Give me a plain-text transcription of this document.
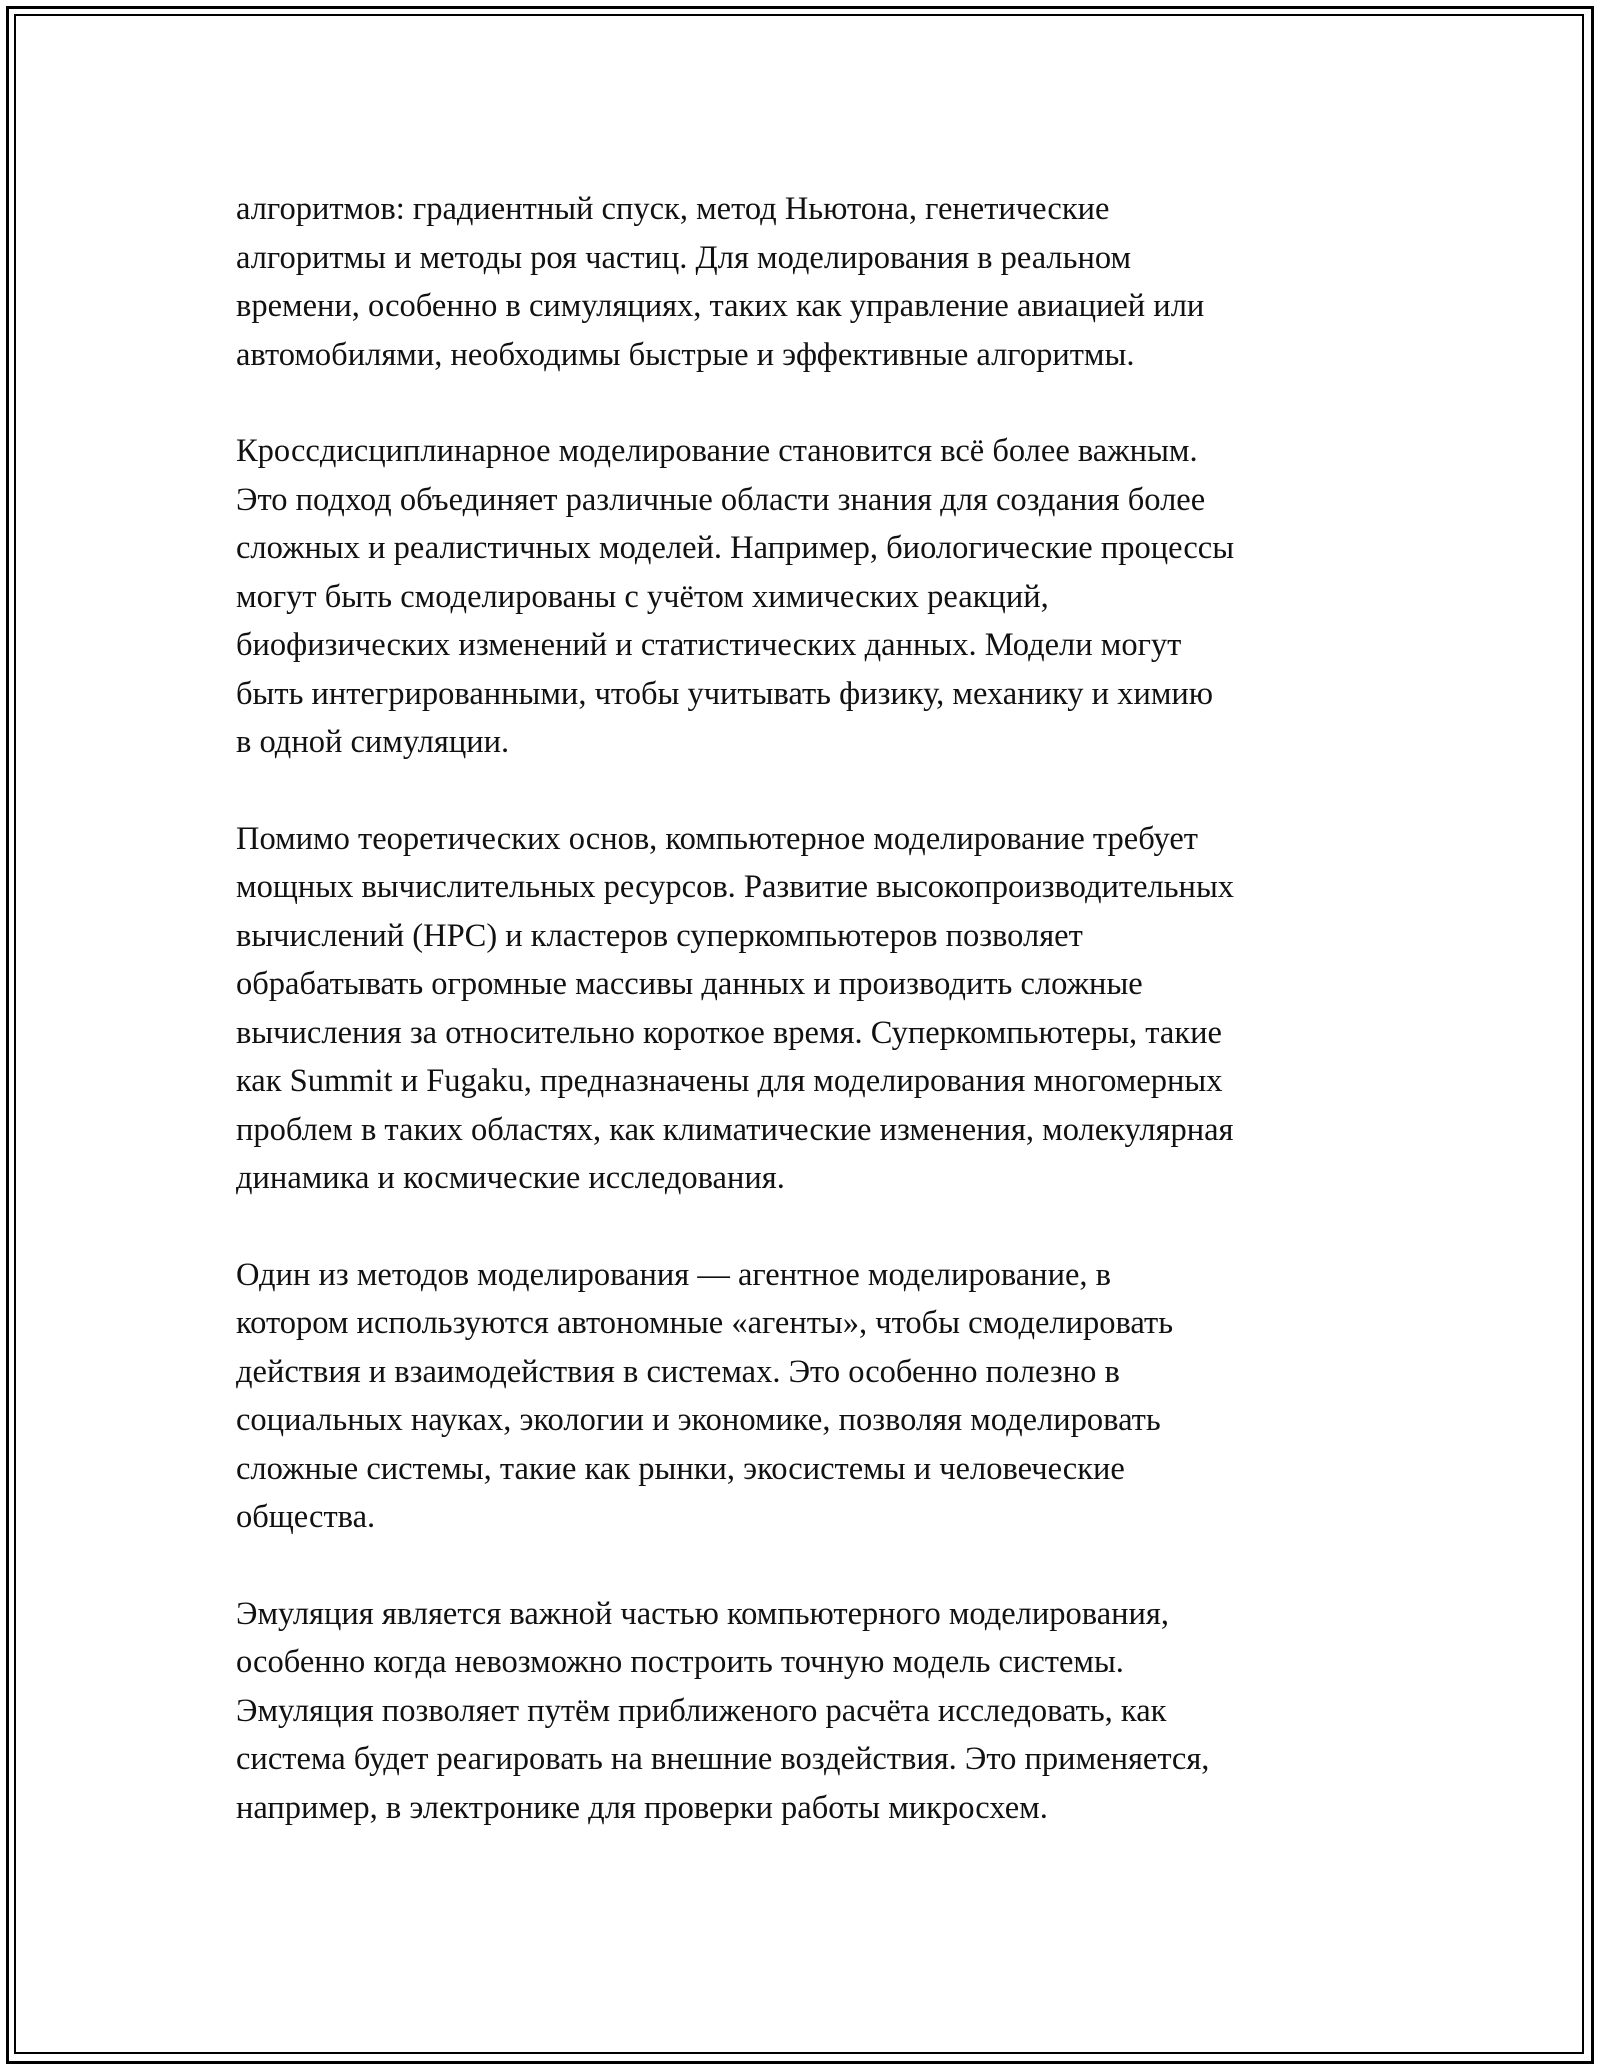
алгоритмов: градиентный спуск, метод Ньютона, генетические
алгоритмы и методы роя частиц. Для моделирования в реальном
времени, особенно в симуляциях, таких как управление авиацией или
автомобилями, необходимы быстрые и эффективные алгоритмы.

Кроссдисциплинарное моделирование становится всё более важным.
Это подход объединяет различные области знания для создания более
сложных и реалистичных моделей. Например, биологические процессы
могут быть смоделированы с учётом химических реакций,
биофизических изменений и статистических данных. Модели могут
быть интегрированными, чтобы учитывать физику, механику и химию
в одной симуляции.

Помимо теоретических основ, компьютерное моделирование требует
мощных вычислительных ресурсов. Развитие высокопроизводительных
вычислений (HPC) и кластеров суперкомпьютеров позволяет
обрабатывать огромные массивы данных и производить сложные
вычисления за относительно короткое время. Суперкомпьютеры, такие
как Summit и Fugaku, предназначены для моделирования многомерных
проблем в таких областях, как климатические изменения, молекулярная
динамика и космические исследования.

Один из методов моделирования — агентное моделирование, в
котором используются автономные «агенты», чтобы смоделировать
действия и взаимодействия в системах. Это особенно полезно в
социальных науках, экологии и экономике, позволяя моделировать
сложные системы, такие как рынки, экосистемы и человеческие
общества.

Эмуляция является важной частью компьютерного моделирования,
особенно когда невозможно построить точную модель системы.
Эмуляция позволяет путём приближеного расчёта исследовать, как
система будет реагировать на внешние воздействия. Это применяется,
например, в электронике для проверки работы микросхем.
